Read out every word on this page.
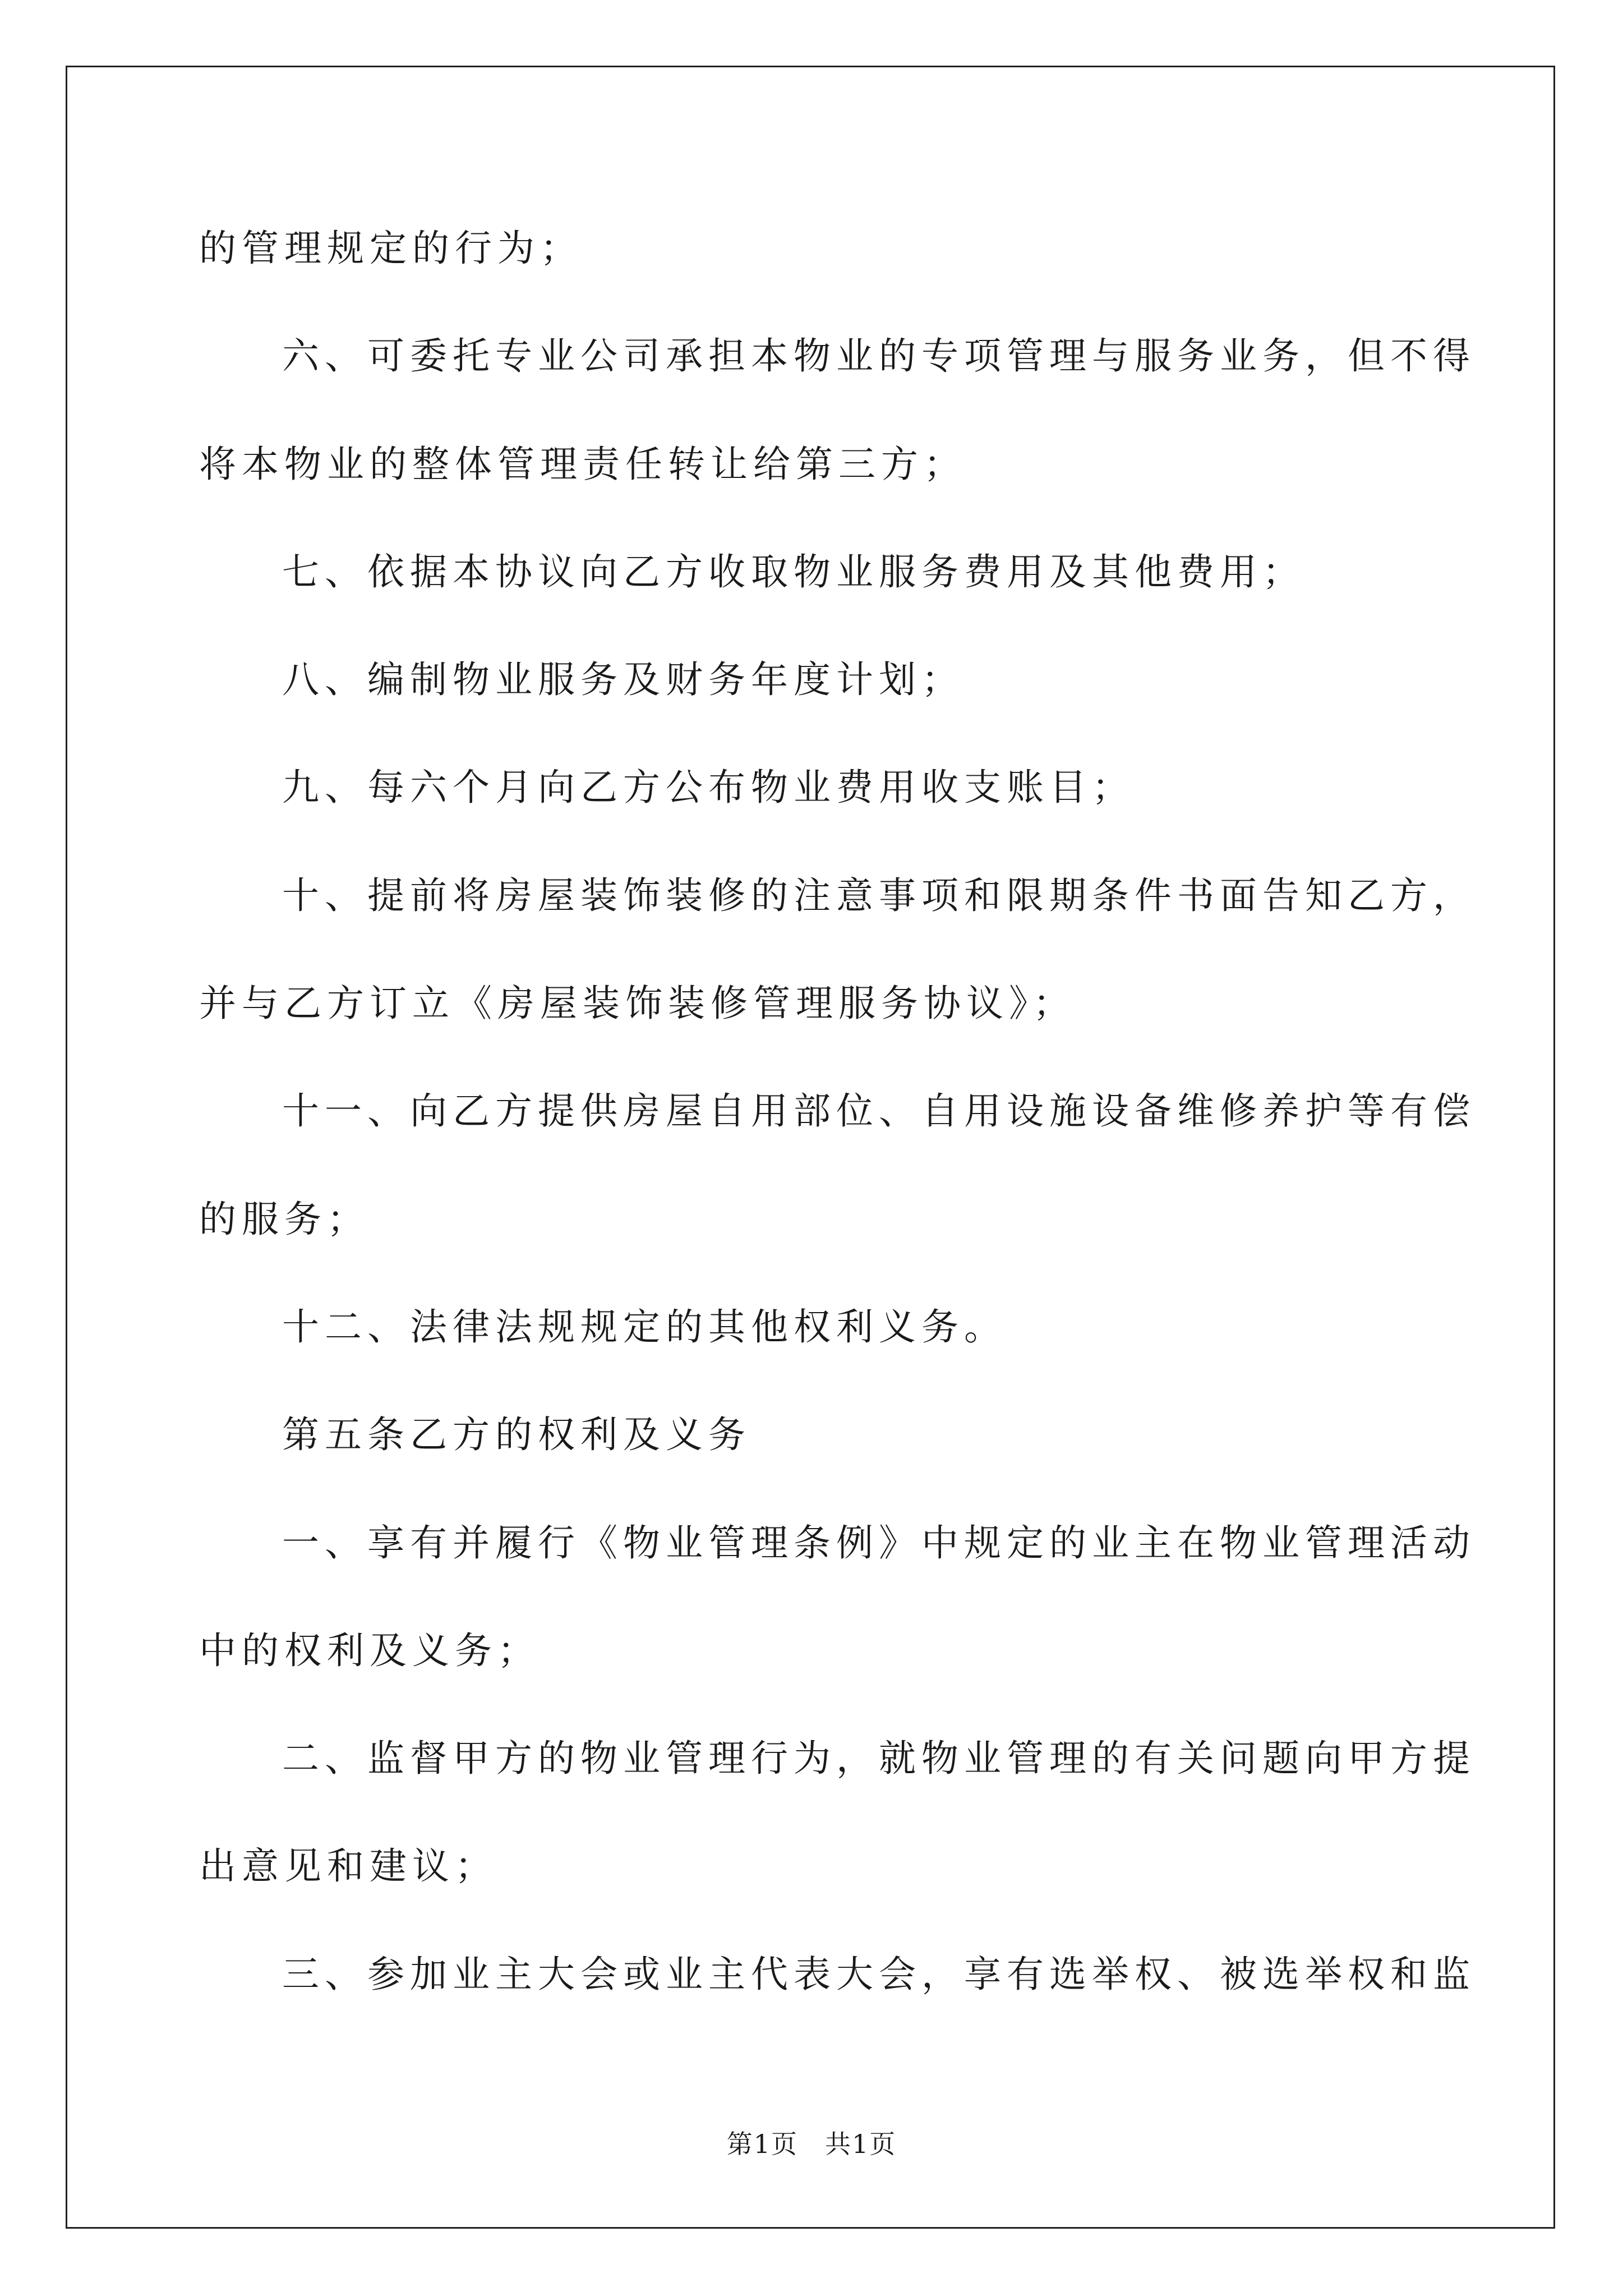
的管理规定的行为；
六、可委托专业公司承担本物业的专项管理与服务业务，但不得
将本物业的整体管理责任转让给第三方；
七、依据本协议向乙方收取物业服务费用及其他费用；
八、编制物业服务及财务年度计划；
九、每六个月向乙方公布物业费用收支账目；
十、提前将房屋装饰装修的注意事项和限期条件书面告知乙方，
并与乙方订立《房屋装饰装修管理服务协议》；
十一、向乙方提供房屋自用部位、自用设施设备维修养护等有偿
的服务；
十二、法律法规规定的其他权利义务。
第五条乙方的权利及义务
一、享有并履行《物业管理条例》中规定的业主在物业管理活动
中的权利及义务；
二、监督甲方的物业管理行为，就物业管理的有关问题向甲方提
出意见和建议；
三、参加业主大会或业主代表大会，享有选举权、被选举权和监
第1页　共1页
